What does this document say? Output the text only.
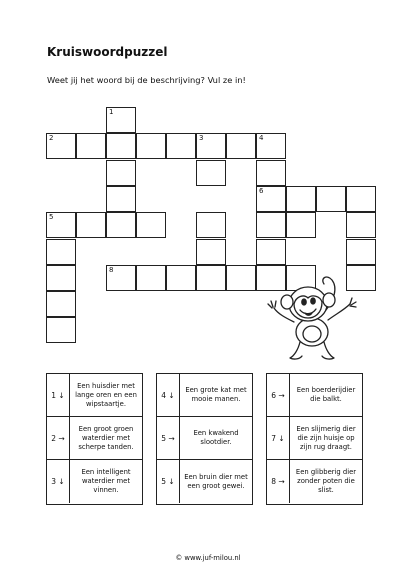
Kruiswoordpuzzel
Weet jij het woord bij de beschrijving? Vul ze in!
1
2	3	4
6
5
8
1 ↓
Een huisdier met lange oren en een wipstaartje.
2 →
Een groot groen waterdier met scherpe tanden.
3 ↓
Een intelligent waterdier met vinnen.
4 ↓
Een grote kat met mooie manen.
5 →
Een kwakend slootdier.
5 ↓
Een bruin dier met een groot gewei.
6 →
Een boerderijdier die balkt.
7 ↓
Een slijmerig dier die zijn huisje op zijn rug draagt.
8 →
Een glibberig dier zonder poten die slist.
© www.juf-milou.nl
